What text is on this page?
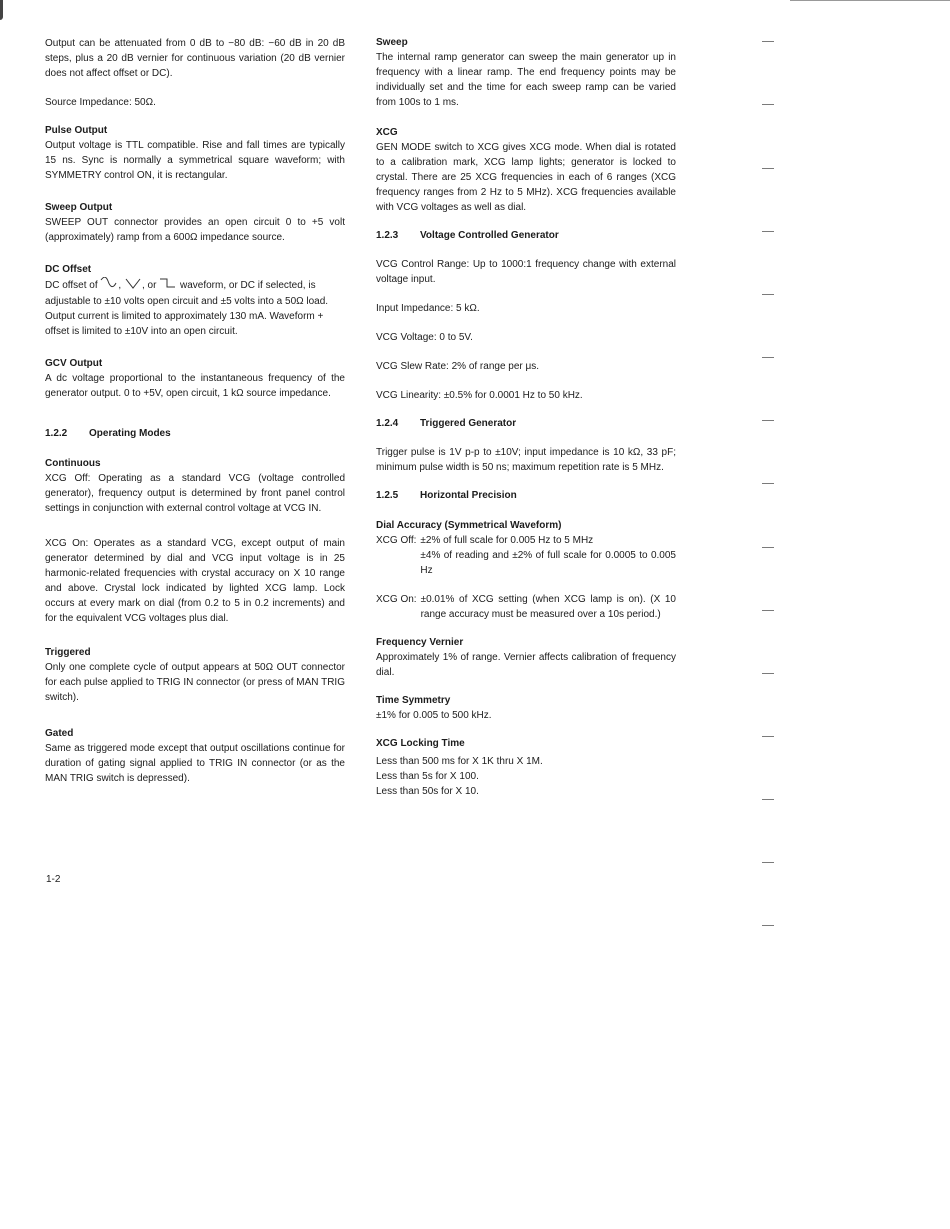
Output can be attenuated from 0 dB to −80 dB: −60 dB in 20 dB steps, plus a 20 dB vernier for continuous variation (20 dB vernier does not affect offset or DC).

Source Impedance: 50Ω.

Pulse Output

Output voltage is TTL compatible. Rise and fall times are typically 15 ns. Sync is normally a symmetrical square waveform; with SYMMETRY control ON, it is rectangular.

Sweep Output

SWEEP OUT connector provides an open circuit 0 to +5 volt (approximately) ramp from a 600Ω impedance source.

DC Offset

DC offset of , , or waveform, or DC if selected, is adjustable to ±10 volts open circuit and ±5 volts into a 50Ω load. Output current is limited to approximately 130 mA. Waveform + offset is limited to ±10V into an open circuit.

GCV Output

A dc voltage proportional to the instantaneous frequency of the generator output. 0 to +5V, open circuit, 1 kΩ source impedance.

1.2.2 Operating Modes

Continuous

XCG Off: Operating as a standard VCG (voltage controlled generator), frequency output is determined by front panel control settings in conjunction with external control voltage at VCG IN.

XCG On: Operates as a standard VCG, except output of main generator determined by dial and VCG input voltage is in 25 harmonic-related frequencies with crystal accuracy on X 10 range and above. Crystal lock indicated by lighted XCG lamp. Lock occurs at every mark on dial (from 0.2 to 5 in 0.2 increments) and for the equivalent VCG voltages plus dial.

Triggered

Only one complete cycle of output appears at 50Ω OUT connector for each pulse applied to TRIG IN connector (or press of MAN TRIG switch).

Gated

Same as triggered mode except that output oscillations continue for duration of gating signal applied to TRIG IN connector (or as the MAN TRIG switch is depressed).

1-2

Sweep

The internal ramp generator can sweep the main generator up in frequency with a linear ramp. The end frequency points may be individually set and the time for each sweep ramp can be varied from 100s to 1 ms.

XCG

GEN MODE switch to XCG gives XCG mode. When dial is rotated to a calibration mark, XCG lamp lights; generator is locked to crystal. There are 25 XCG frequencies in each of 6 ranges (XCG frequency ranges from 2 Hz to 5 MHz). XCG frequencies available with VCG voltages as well as dial.

1.2.3 Voltage Controlled Generator

VCG Control Range: Up to 1000:1 frequency change with external voltage input.

Input Impedance: 5 kΩ.

VCG Voltage: 0 to 5V.

VCG Slew Rate: 2% of range per μs.

VCG Linearity: ±0.5% for 0.0001 Hz to 50 kHz.

1.2.4 Triggered Generator

Trigger pulse is 1V p-p to ±10V; input impedance is 10 kΩ, 33 pF; minimum pulse width is 50 ns; maximum repetition rate is 5 MHz.

1.2.5 Horizontal Precision

Dial Accuracy (Symmetrical Waveform)

XCG Off: ±2% of full scale for 0.005 Hz to 5 MHz
±4% of reading and ±2% of full scale for 0.0005 to 0.005 Hz
XCG On: ±0.01% of XCG setting (when XCG lamp is on). (X 10 range accuracy must be measured over a 10s period.)

Frequency Vernier

Approximately 1% of range. Vernier affects calibration of frequency dial.

Time Symmetry

±1% for 0.005 to 500 kHz.

XCG Locking Time

Less than 500 ms for X 1K thru X 1M.

Less than 5s for X 100.

Less than 50s for X 10.
